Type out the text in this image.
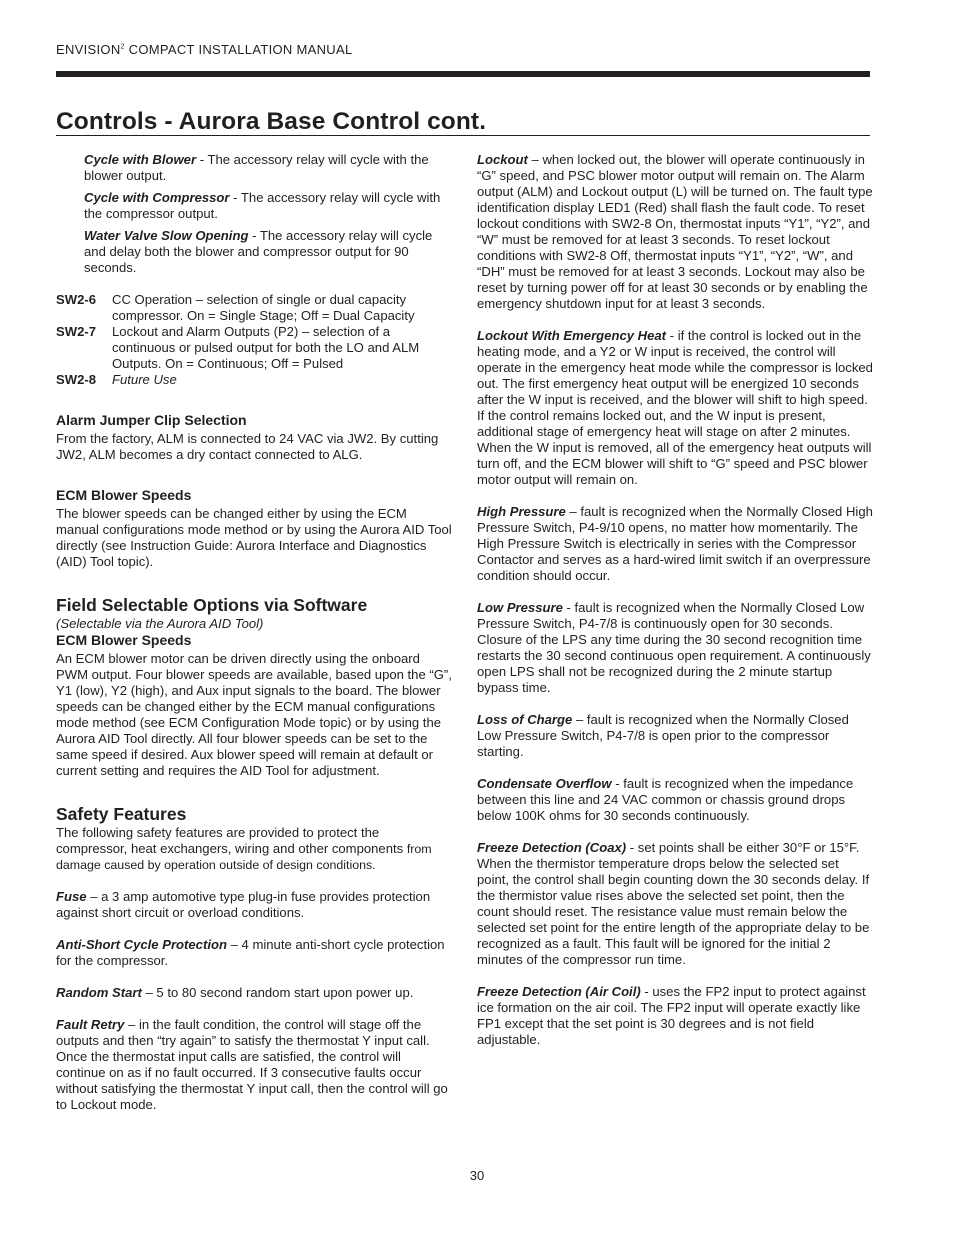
ENVISION$^2$ COMPACT INSTALLATION MANUAL
Controls - Aurora Base Control cont.

Cycle with Blower - The accessory relay will cycle with the blower output.

Cycle with Compressor - The accessory relay will cycle with the compressor output.

Water Valve Slow Opening - The accessory relay will cycle and delay both the blower and compressor output for 90 seconds.

SW2-6	CC Operation – selection of single or dual capacity compressor. On = Single Stage; Off = Dual Capacity
SW2-7	Lockout and Alarm Outputs (P2) – selection of a continuous or pulsed output for both the LO and ALM Outputs. On = Continuous; Off = Pulsed
SW2-8	Future Use

Alarm Jumper Clip Selection

From the factory, ALM is connected to 24 VAC via JW2. By cutting JW2, ALM becomes a dry contact connected to ALG.

ECM Blower Speeds

The blower speeds can be changed either by using the ECM manual configurations mode method or by using the Aurora AID Tool directly (see Instruction Guide: Aurora Interface and Diagnostics (AID) Tool topic).

Field Selectable Options via Software

(Selectable via the Aurora AID Tool)

ECM Blower Speeds

An ECM blower motor can be driven directly using the onboard PWM output. Four blower speeds are available, based upon the “G”, Y1 (low), Y2 (high), and Aux input signals to the board. The blower speeds can be changed either by the ECM manual configurations mode method (see ECM Configuration Mode topic) or by using the Aurora AID Tool directly. All four blower speeds can be set to the same speed if desired. Aux blower speed will remain at default or current setting and requires the AID Tool for adjustment.

Safety Features

The following safety features are provided to protect the compressor, heat exchangers, wiring and other components from damage caused by operation outside of design conditions.

Fuse – a 3 amp automotive type plug-in fuse provides protection against short circuit or overload conditions.

Anti-Short Cycle Protection – 4 minute anti-short cycle protection for the compressor.

Random Start – 5 to 80 second random start upon power up.

Fault Retry – in the fault condition, the control will stage off the outputs and then “try again” to satisfy the thermostat Y input call. Once the thermostat input calls are satisfied, the control will continue on as if no fault occurred. If 3 consecutive faults occur without satisfying the thermostat Y input call, then the control will go to Lockout mode.

Lockout – when locked out, the blower will operate continuously in “G” speed, and PSC blower motor output will remain on. The Alarm output (ALM) and Lockout output (L) will be turned on. The fault type identification display LED1 (Red) shall flash the fault code. To reset lockout conditions with SW2-8 On, thermostat inputs “Y1”, “Y2”, and “W” must be removed for at least 3 seconds. To reset lockout conditions with SW2-8 Off, thermostat inputs “Y1”, “Y2”, “W”, and “DH” must be removed for at least 3 seconds. Lockout may also be reset by turning power off for at least 30 seconds or by enabling the emergency shutdown input for at least 3 seconds.

Lockout With Emergency Heat - if the control is locked out in the heating mode, and a Y2 or W input is received, the control will operate in the emergency heat mode while the compressor is locked out. The first emergency heat output will be energized 10 seconds after the W input is received, and the blower will shift to high speed. If the control remains locked out, and the W input is present, additional stage of emergency heat will stage on after 2 minutes. When the W input is removed, all of the emergency heat outputs will turn off, and the ECM blower will shift to “G” speed and PSC blower motor output will remain on.

High Pressure – fault is recognized when the Normally Closed High Pressure Switch, P4-9/10 opens, no matter how momentarily. The High Pressure Switch is electrically in series with the Compressor Contactor and serves as a hard-wired limit switch if an overpressure condition should occur.

Low Pressure - fault is recognized when the Normally Closed Low Pressure Switch, P4-7/8 is continuously open for 30 seconds. Closure of the LPS any time during the 30 second recognition time restarts the 30 second continuous open requirement. A continuously open LPS shall not be recognized during the 2 minute startup bypass time.

Loss of Charge – fault is recognized when the Normally Closed Low Pressure Switch, P4-7/8 is open prior to the compressor starting.

Condensate Overflow - fault is recognized when the impedance between this line and 24 VAC common or chassis ground drops below 100K ohms for 30 seconds continuously.

Freeze Detection (Coax) - set points shall be either 30°F or 15°F. When the thermistor temperature drops below the selected set point, the control shall begin counting down the 30 seconds delay. If the thermistor value rises above the selected set point, then the count should reset. The resistance value must remain below the selected set point for the entire length of the appropriate delay to be recognized as a fault. This fault will be ignored for the initial 2 minutes of the compressor run time.

Freeze Detection (Air Coil) - uses the FP2 input to protect against ice formation on the air coil. The FP2 input will operate exactly like FP1 except that the set point is 30 degrees and is not field adjustable.

30
